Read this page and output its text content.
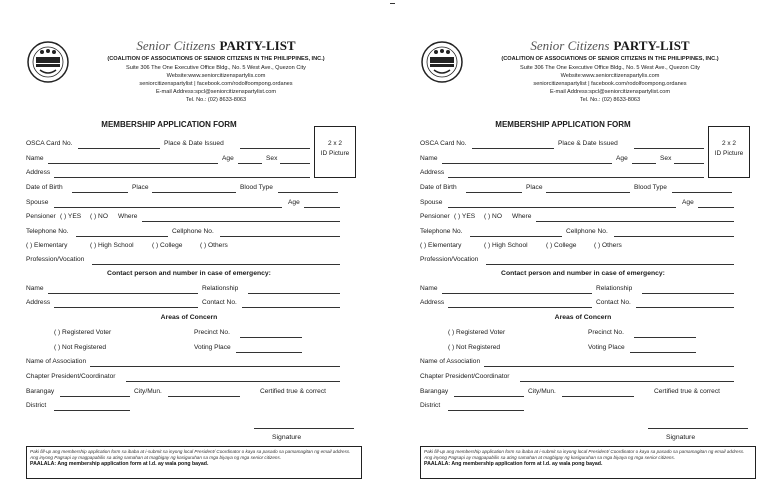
Senior Citizens PARTY-LIST
(COALITION OF ASSOCIATIONS OF SENIOR CITIZENS IN THE PHILIPPINES, INC.)
Suite 306 The One Executive Office Bldg., No. 5 West Ave., Quezon City
Website:www.seniorcitizenspartylis.com
seniorcitizenspartylist | facebook.com/rodolfoompong.ordanes
E-mail Address:spcl@seniorcitizenspartylist.com
Tel. No.: (02) 8633-8063
MEMBERSHIP APPLICATION FORM
2 x 2
ID Picture
OSCA Card No.	Place & Date Issued
Name	Age	Sex
Address
Date of Birth	Place	Blood Type
Spouse	Age
Pensioner ( ) YES ( ) NO Where
Telephone No.	Cellphone No.
( ) Elementary	( ) High School	( ) College	( ) Others
Profession/Vocation
Contact person and number in case of emergency:
Name	Relationship
Address	Contact No.
Areas of Concern
( ) Registered Voter	Precinct No.
( ) Not Registered	Voting Place
Name of Association
Chapter President/Coordinator
Barangay	City/Mun.	Certified true & correct
District
Signature
Paki fill-up ang membership application form sa ibaba at i-submit sa inyong local President/ Coordinator o kaya sa pasado sa pamamagitan ng email address. Ang inyong Pagsapi ay magpapabilis sa ating samahan at magbigay ng kasiguruhan sa mga biyaya ng mga senior citizens.
PAALALA: Ang membership application form at I.d. ay wala pong bayad.
Senior Citizens PARTY-LIST
(COALITION OF ASSOCIATIONS OF SENIOR CITIZENS IN THE PHILIPPINES, INC.)
Suite 306 The One Executive Office Bldg., No. 5 West Ave., Quezon City
Website:www.seniorcitizenspartylis.com
seniorcitizenspartylist | facebook.com/rodolfoompong.ordanes
E-mail Address:spcl@seniorcitizenspartylist.com
Tel. No.: (02) 8633-8063
MEMBERSHIP APPLICATION FORM
2 x 2
ID Picture
OSCA Card No.	Place & Date Issued
Name	Age	Sex
Address
Date of Birth	Place	Blood Type
Spouse	Age
Pensioner ( ) YES ( ) NO Where
Telephone No.	Cellphone No.
( ) Elementary	( ) High School	( ) College	( ) Others
Profession/Vocation
Contact person and number in case of emergency:
Name	Relationship
Address	Contact No.
Areas of Concern
( ) Registered Voter	Precinct No.
( ) Not Registered	Voting Place
Name of Association
Chapter President/Coordinator
Barangay	City/Mun.	Certified true & correct
District
Signature
Paki fill-up ang membership application form sa ibaba at i-submit sa inyong local President/ Coordinator o kaya sa pasado sa pamamagitan ng email address. Ang inyong Pagsapi ay magpapabilis sa ating samahan at magbigay ng kasiguruhan sa mga biyaya ng mga senior citizens.
PAALALA: Ang membership application form at I.d. ay wala pong bayad.
